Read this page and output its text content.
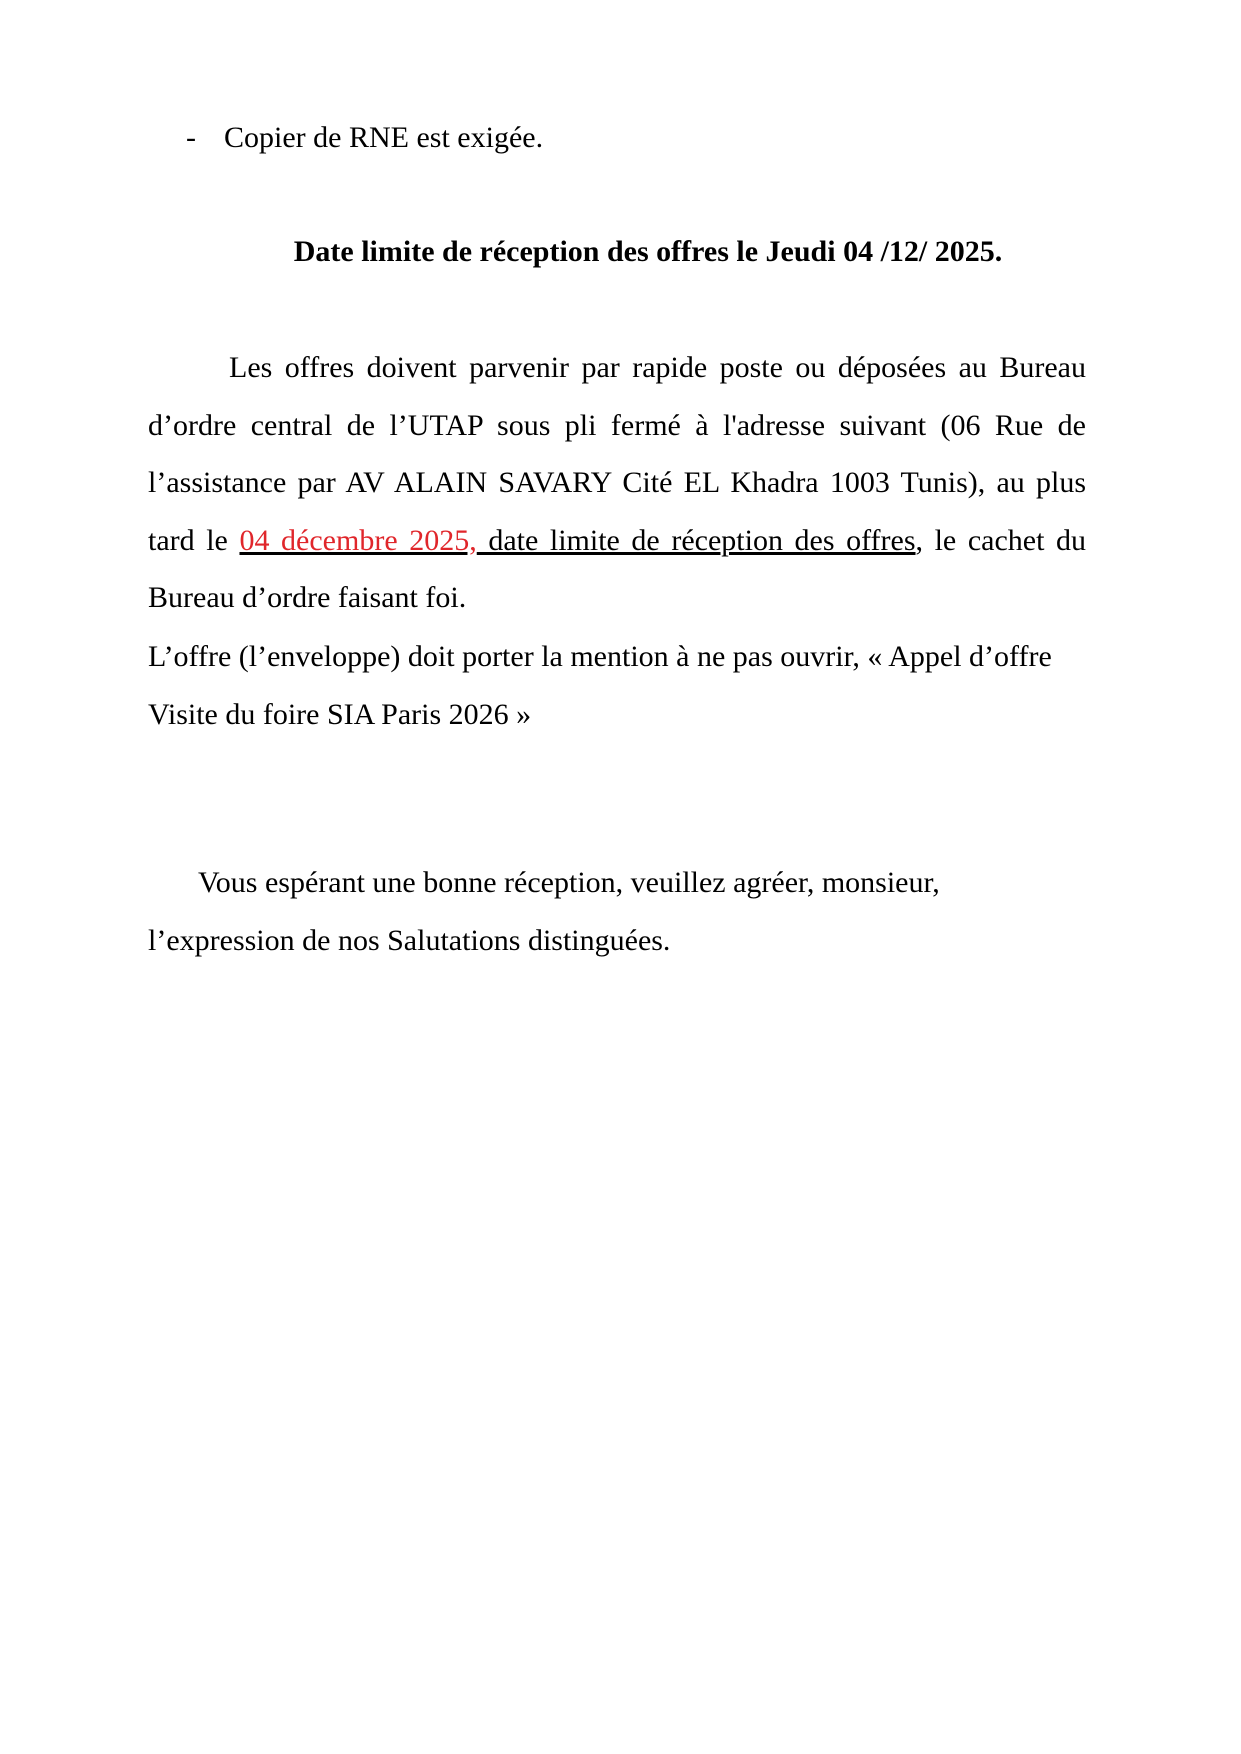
- Copier de RNE est exigée.
Date limite de réception des offres le Jeudi 04 /12/ 2025.
Les offres doivent parvenir par rapide poste ou déposées au Bureau d’ordre central de l’UTAP sous pli fermé à l'adresse suivant (06 Rue de l’assistance par AV ALAIN SAVARY Cité EL Khadra 1003 Tunis), au plus tard le 04 décembre 2025, date limite de réception des offres, le cachet du Bureau d’ordre faisant foi.
L’offre (l’enveloppe) doit porter la mention à ne pas ouvrir, « Appel d’offre Visite du foire SIA Paris 2026 »
Vous espérant une bonne réception, veuillez agréer, monsieur, l’expression de nos Salutations distinguées.
